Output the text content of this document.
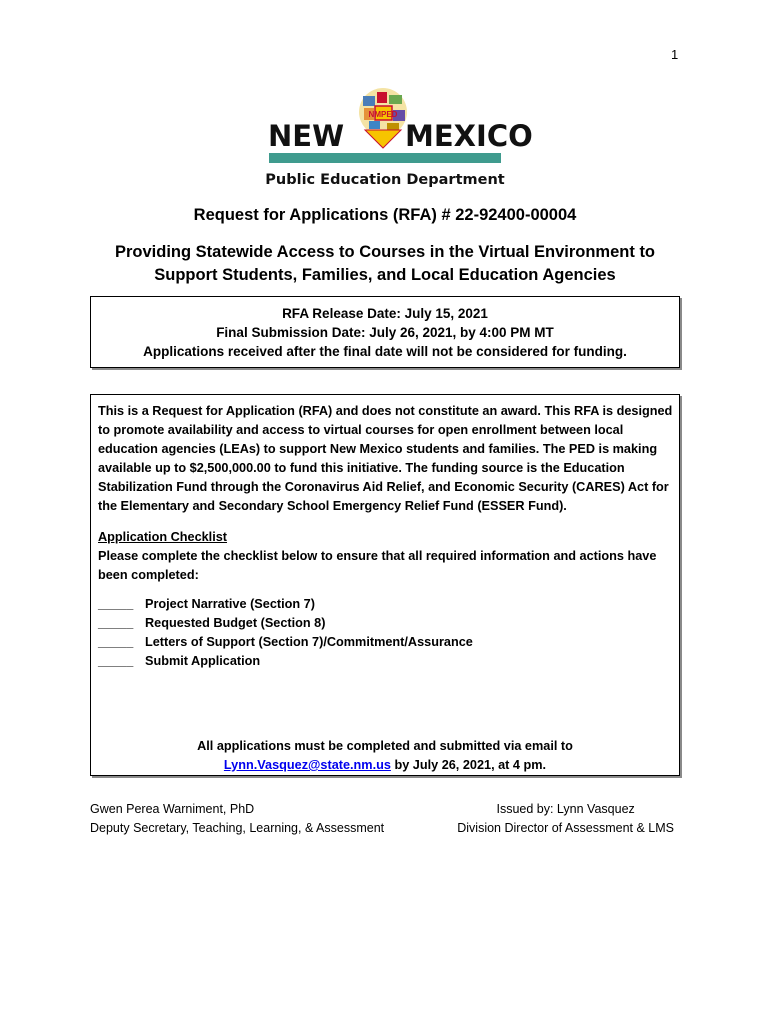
1
NMPED
NEW MEXICO
Public Education Department
Request for Applications (RFA) # 22-92400-00004
Providing Statewide Access to Courses in the Virtual Environment to
Support Students, Families, and Local Education Agencies
RFA Release Date: July 15, 2021
Final Submission Date: July 26, 2021, by 4:00 PM MT
Applications received after the final date will not be considered for funding.

This is a Request for Application (RFA) and does not constitute an award. This RFA is designed to promote availability and access to virtual courses for open enrollment between local education agencies (LEAs) to support New Mexico students and families. The PED is making available up to $2,500,000.00 to fund this initiative. The funding source is the Education Stabilization Fund through the Coronavirus Aid Relief, and Economic Security (CARES) Act for the Elementary and Secondary School Emergency Relief Fund (ESSER Fund).

Application Checklist

Please complete the checklist below to ensure that all required information and actions have been completed:

_____ Project Narrative (Section 7)
_____ Requested Budget (Section 8)
_____ Letters of Support (Section 7)/Commitment/Assurance
_____ Submit Application
All applications must be completed and submitted via email to
Lynn.Vasquez@state.nm.us by July 26, 2021, at 4 pm.
Gwen Perea Warniment, PhD
Deputy Secretary, Teaching, Learning, & Assessment
Issued by: Lynn Vasquez
Division Director of Assessment & LMS
